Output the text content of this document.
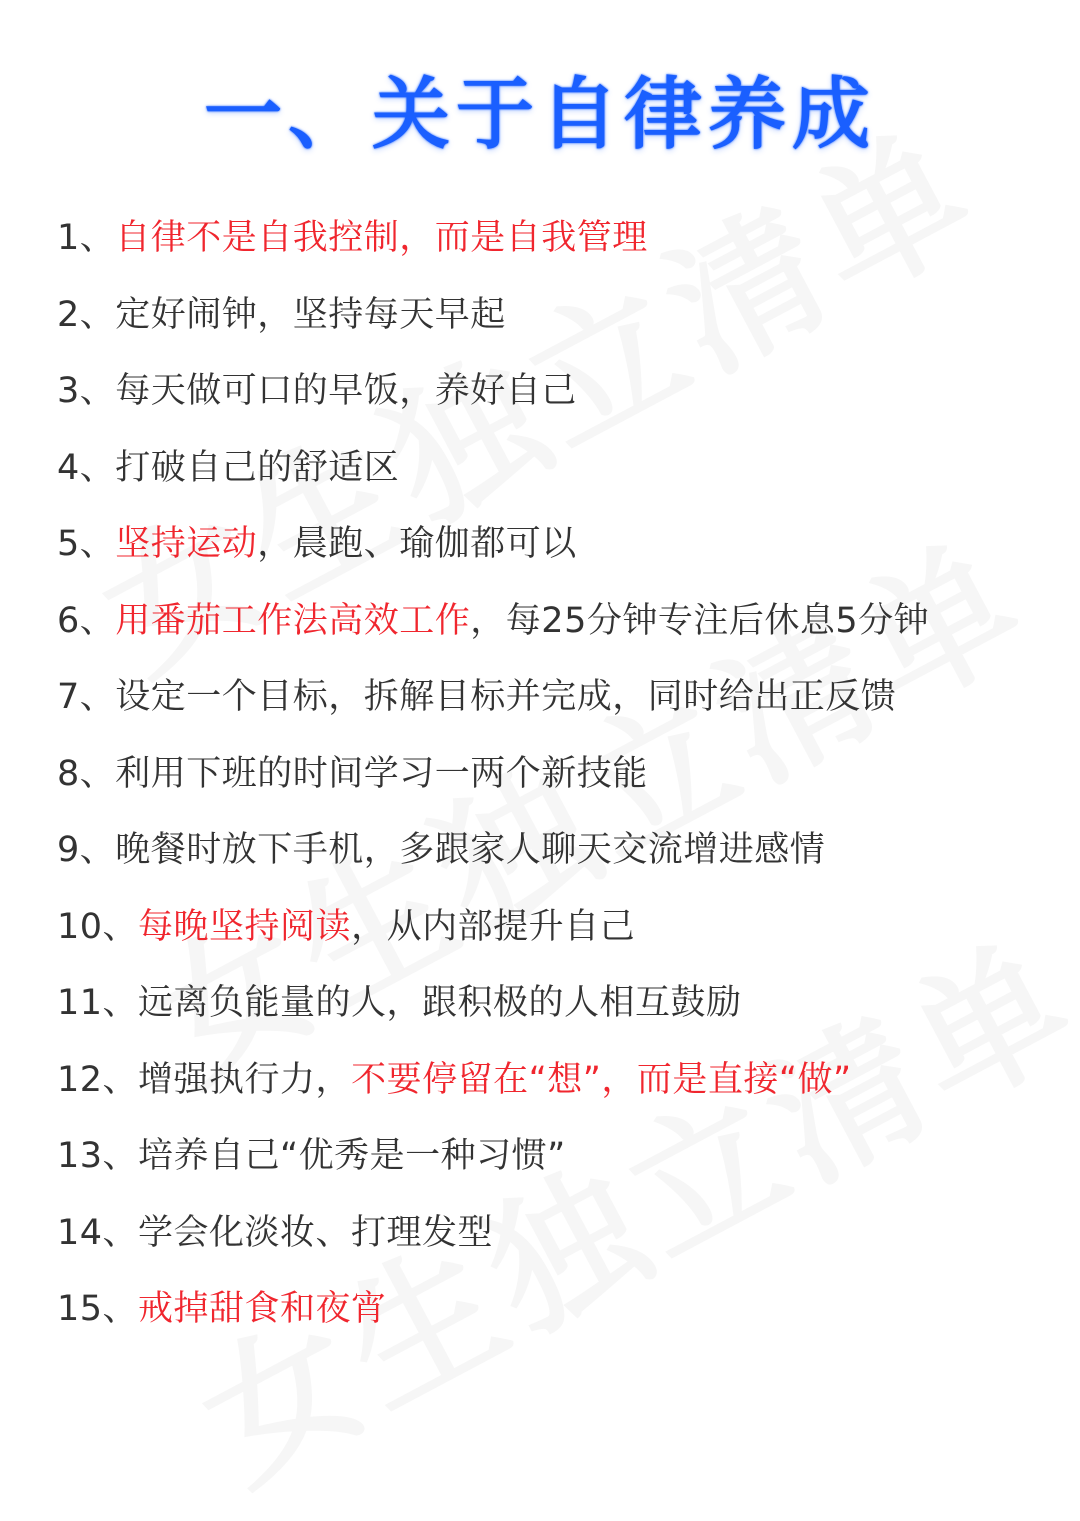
一、关于自律养成
1、自律不是自我控制，而是自我管理
2、定好闹钟，坚持每天早起
3、每天做可口的早饭，养好自己
4、打破自己的舒适区
5、坚持运动，晨跑、瑜伽都可以
6、用番茄工作法高效工作，每25分钟专注后休息5分钟
7、设定一个目标，拆解目标并完成，同时给出正反馈
8、利用下班的时间学习一两个新技能
9、晚餐时放下手机，多跟家人聊天交流增进感情
10、每晚坚持阅读，从内部提升自己
11、远离负能量的人，跟积极的人相互鼓励
12、增强执行力，不要停留在“想”，而是直接“做”
13、培养自己“优秀是一种习惯”
14、学会化淡妆、打理发型
15、戒掉甜食和夜宵
